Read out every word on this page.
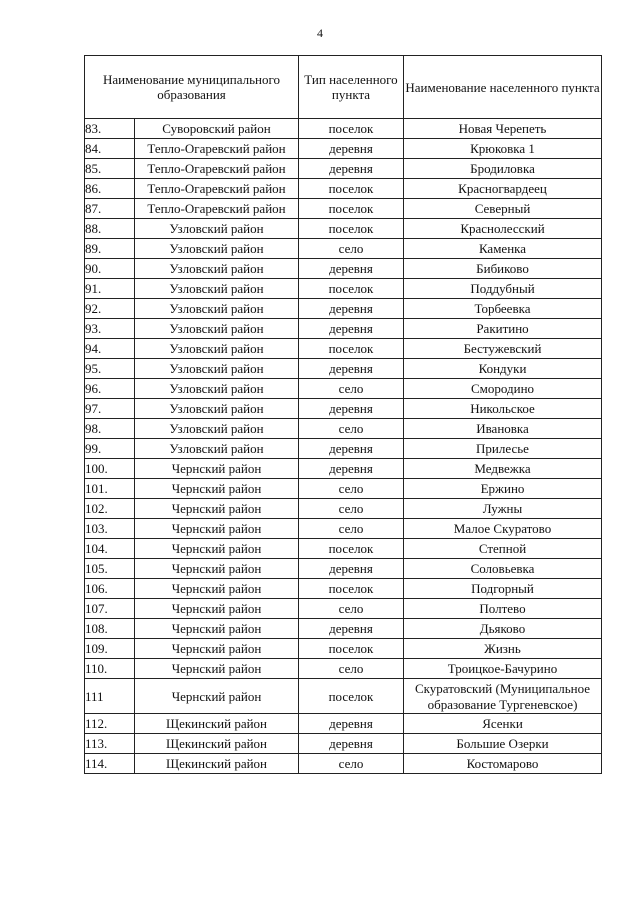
4
Наименование муниципального образования		Тип населенного пункта	Наименование населенного пункта
83.	Суворовский район	поселок	Новая Черепеть
84.	Тепло-Огаревский район	деревня	Крюковка 1
85.	Тепло-Огаревский район	деревня	Бродиловка
86.	Тепло-Огаревский район	поселок	Красногвардеец
87.	Тепло-Огаревский район	поселок	Северный
88.	Узловский район	поселок	Краснолесский
89.	Узловский район	село	Каменка
90.	Узловский район	деревня	Бибиково
91.	Узловский район	поселок	Поддубный
92.	Узловский район	деревня	Торбеевка
93.	Узловский район	деревня	Ракитино
94.	Узловский район	поселок	Бестужевский
95.	Узловский район	деревня	Кондуки
96.	Узловский район	село	Смородино
97.	Узловский район	деревня	Никольское
98.	Узловский район	село	Ивановка
99.	Узловский район	деревня	Прилесье
100.	Чернский район	деревня	Медвежка
101.	Чернский район	село	Ержино
102.	Чернский район	село	Лужны
103.	Чернский район	село	Малое Скуратово
104.	Чернский район	поселок	Степной
105.	Чернский район	деревня	Соловьевка
106.	Чернский район	поселок	Подгорный
107.	Чернский район	село	Полтево
108.	Чернский район	деревня	Дьяково
109.	Чернский район	поселок	Жизнь
110.	Чернский район	село	Троицкое-Бачурино
111	Чернский район	поселок	Скуратовский (Муниципальное образование Тургеневское)
112.	Щекинский район	деревня	Ясенки
113.	Щекинский район	деревня	Большие Озерки
114.	Щекинский район	село	Костомарово
